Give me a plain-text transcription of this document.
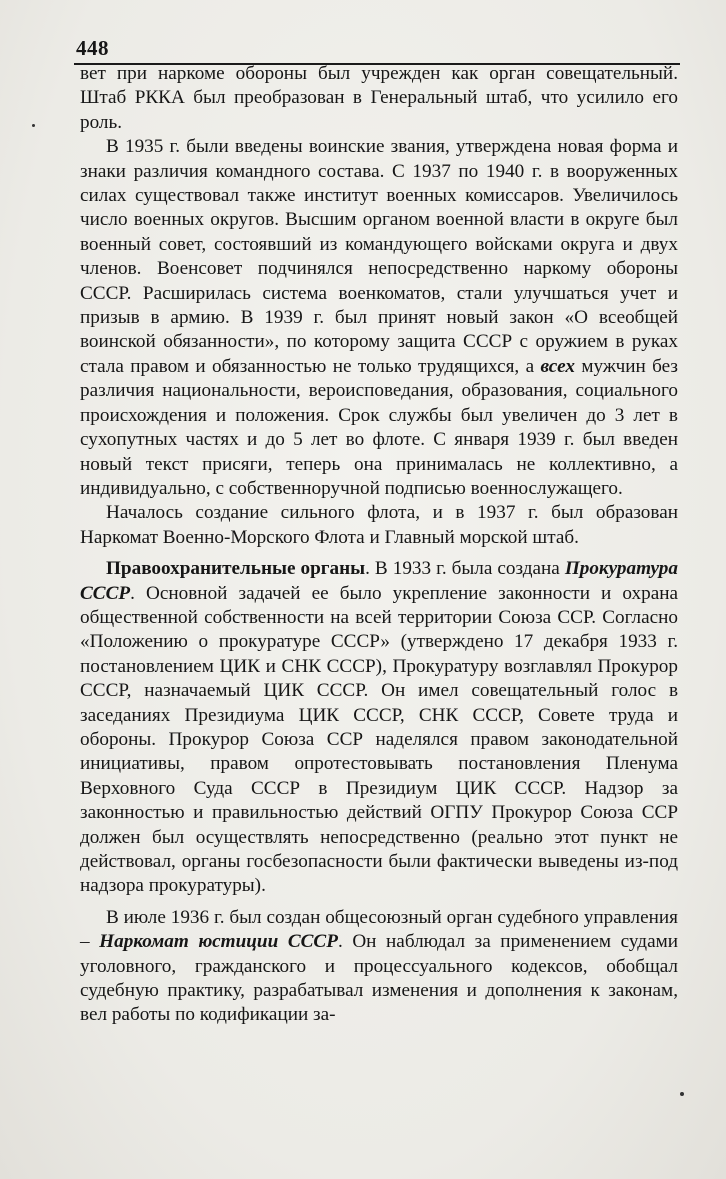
448

вет при наркоме обороны был учрежден как орган совещательный. Штаб РККА был преобразован в Генеральный штаб, что усилило его роль.

В 1935 г. были введены воинские звания, утверждена новая форма и знаки различия командного состава. С 1937 по 1940 г. в вооруженных силах существовал также институт военных комиссаров. Увеличилось число военных округов. Высшим органом военной власти в округе был военный совет, состоявший из командующего войсками округа и двух членов. Военсовет подчинялся непосредственно наркому обороны СССР. Расширилась система военкоматов, стали улучшаться учет и призыв в армию. В 1939 г. был принят новый закон «О всеобщей воинской обязанности», по которому защита СССР с оружием в руках стала правом и обязанностью не только трудящихся, а всех мужчин без различия национальности, вероисповедания, образования, социального происхождения и положения. Срок службы был увеличен до 3 лет в сухопутных частях и до 5 лет во флоте. С января 1939 г. был введен новый текст присяги, теперь она принималась не коллективно, а индивидуально, с собственноручной подписью военнослужащего.

Началось создание сильного флота, и в 1937 г. был образован Наркомат Военно-Морского Флота и Главный морской штаб.

Правоохранительные органы. В 1933 г. была создана Прокуратура СССР. Основной задачей ее было укрепление законности и охрана общественной собственности на всей территории Союза ССР. Согласно «Положению о прокуратуре СССР» (утверждено 17 декабря 1933 г. постановлением ЦИК и СНК СССР), Прокуратуру возглавлял Прокурор СССР, назначаемый ЦИК СССР. Он имел совещательный голос в заседаниях Президиума ЦИК СССР, СНК СССР, Совете труда и обороны. Прокурор Союза ССР наделялся правом законодательной инициативы, правом опротестовывать постановления Пленума Верховного Суда СССР в Президиум ЦИК СССР. Надзор за законностью и правильностью действий ОГПУ Прокурор Союза ССР должен был осуществлять непосредственно (реально этот пункт не действовал, органы госбезопасности были фактически выведены из-под надзора прокуратуры).

В июле 1936 г. был создан общесоюзный орган судебного управления – Наркомат юстиции СССР. Он наблюдал за применением судами уголовного, гражданского и процессуального кодексов, обобщал судебную практику, разрабатывал изменения и дополнения к законам, вел работы по кодификации за-
